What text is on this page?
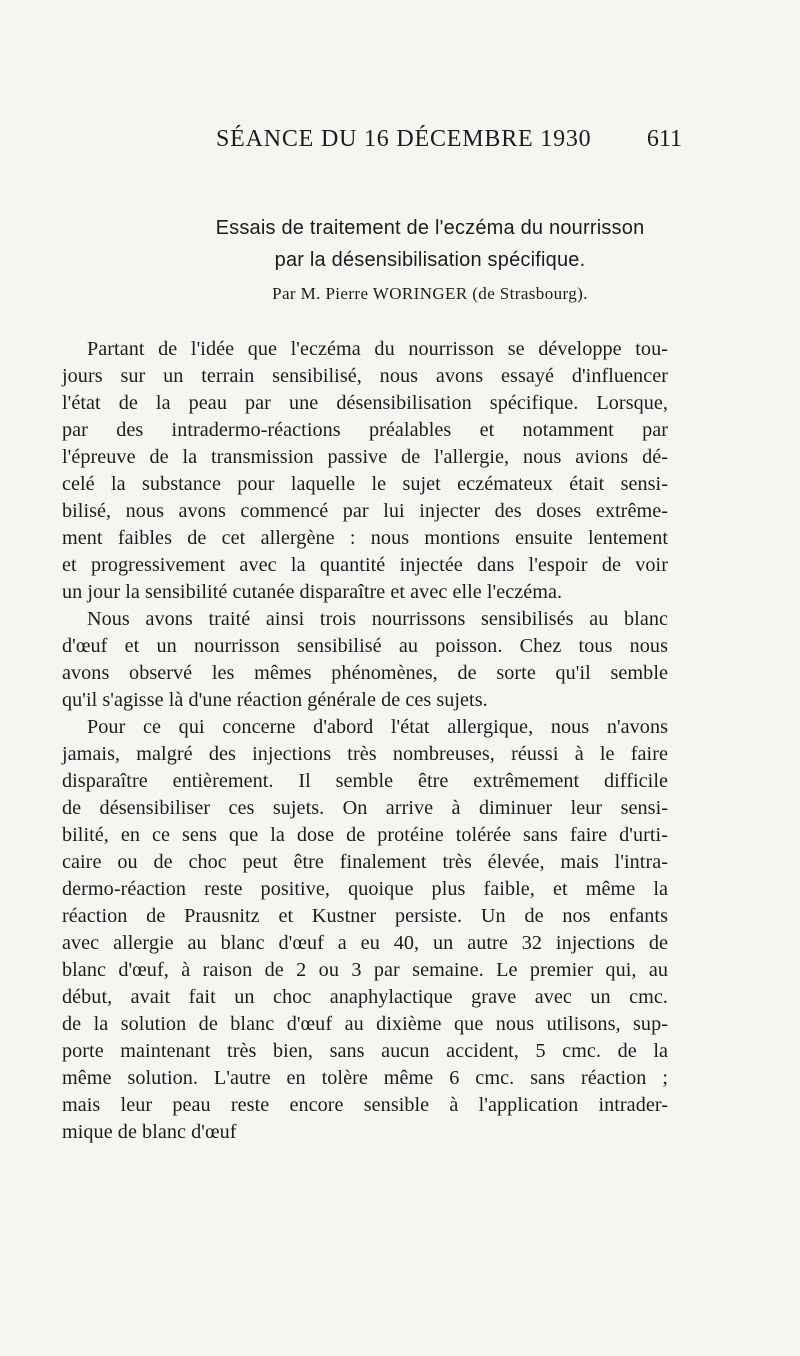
SÉANCE DU 16 DÉCEMBRE 1930 611
Essais de traitement de l'eczéma du nourrisson
par la désensibilisation spécifique.
Par M. Pierre WORINGER (de Strasbourg).
Partant de l'idée que l'eczéma du nourrisson se développe tou-
jours sur un terrain sensibilisé, nous avons essayé d'influencer
l'état de la peau par une désensibilisation spécifique. Lorsque,
par des intradermo-réactions préalables et notamment par
l'épreuve de la transmission passive de l'allergie, nous avions dé-
celé la substance pour laquelle le sujet eczémateux était sensi-
bilisé, nous avons commencé par lui injecter des doses extrême-
ment faibles de cet allergène : nous montions ensuite lentement
et progressivement avec la quantité injectée dans l'espoir de voir
un jour la sensibilité cutanée disparaître et avec elle l'eczéma.
Nous avons traité ainsi trois nourrissons sensibilisés au blanc
d'œuf et un nourrisson sensibilisé au poisson. Chez tous nous
avons observé les mêmes phénomènes, de sorte qu'il semble
qu'il s'agisse là d'une réaction générale de ces sujets.
Pour ce qui concerne d'abord l'état allergique, nous n'avons
jamais, malgré des injections très nombreuses, réussi à le faire
disparaître entièrement. Il semble être extrêmement difficile
de désensibiliser ces sujets. On arrive à diminuer leur sensi-
bilité, en ce sens que la dose de protéine tolérée sans faire d'urti-
caire ou de choc peut être finalement très élevée, mais l'intra-
dermo-réaction reste positive, quoique plus faible, et même la
réaction de Prausnitz et Kustner persiste. Un de nos enfants
avec allergie au blanc d'œuf a eu 40, un autre 32 injections de
blanc d'œuf, à raison de 2 ou 3 par semaine. Le premier qui, au
début, avait fait un choc anaphylactique grave avec un cmc.
de la solution de blanc d'œuf au dixième que nous utilisons, sup-
porte maintenant très bien, sans aucun accident, 5 cmc. de la
même solution. L'autre en tolère même 6 cmc. sans réaction ;
mais leur peau reste encore sensible à l'application intrader-
mique de blanc d'œuf
